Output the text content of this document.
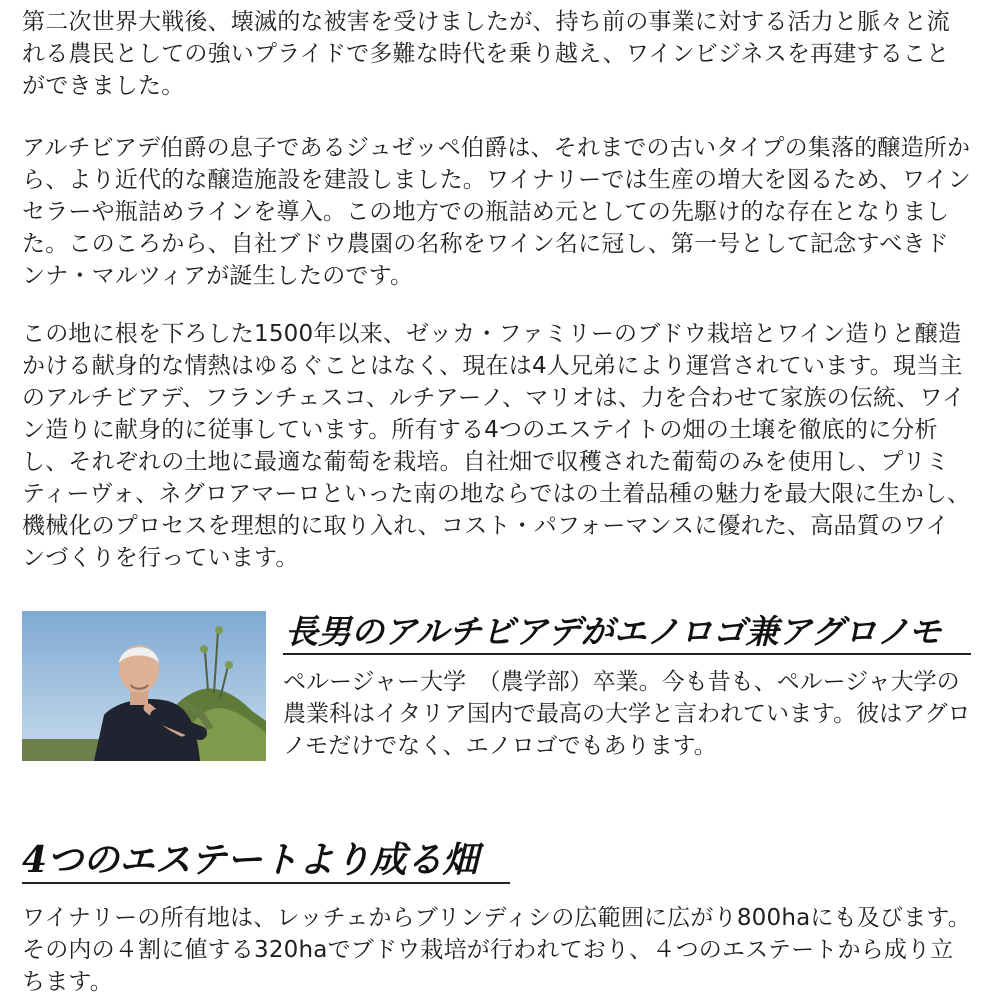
第二次世界大戦後、壊滅的な被害を受けましたが、持ち前の事業に対する活力と脈々と流れる農民としての強いプライドで多難な時代を乗り越え、ワインビジネスを再建することができました。

アルチビアデ伯爵の息子であるジュゼッペ伯爵は、それまでの古いタイプの集落的醸造所から、より近代的な醸造施設を建設しました。ワイナリーでは生産の増大を図るため、ワインセラーや瓶詰めラインを導入。この地方での瓶詰め元としての先駆け的な存在となりました。このころから、自社ブドウ農園の名称をワイン名に冠し、第一号として記念すべきドンナ・マルツィアが誕生したのです。

この地に根を下ろした1500年以来、ゼッカ・ファミリーのブドウ栽培とワイン造りと醸造かける献身的な情熱はゆるぐことはなく、現在は4人兄弟により運営されています。現当主のアルチビアデ、フランチェスコ、ルチアーノ、マリオは、力を合わせて家族の伝統、ワイン造りに献身的に従事しています。所有する4つのエステイトの畑の土壌を徹底的に分析し、それぞれの土地に最適な葡萄を栽培。自社畑で収穫された葡萄のみを使用し、プリミティーヴォ、ネグロアマーロといった南の地ならではの土着品種の魅力を最大限に生かし、機械化のプロセスを理想的に取り入れ、コスト・パフォーマンスに優れた、高品質のワインづくりを行っています。

長男のアルチビアデがエノロゴ兼アグロノモ

ペルージャー大学　（農学部）卒業。今も昔も、ペルージャ大学の農業科はイタリア国内で最高の大学と言われています。彼はアグロノモだけでなく、エノロゴでもあります。

4つのエステートより成る畑

ワイナリーの所有地は、レッチェからブリンディシの広範囲に広がり800haにも及びます。その内の４割に値する320haでブドウ栽培が行われており、４つのエステートから成り立ちます。
